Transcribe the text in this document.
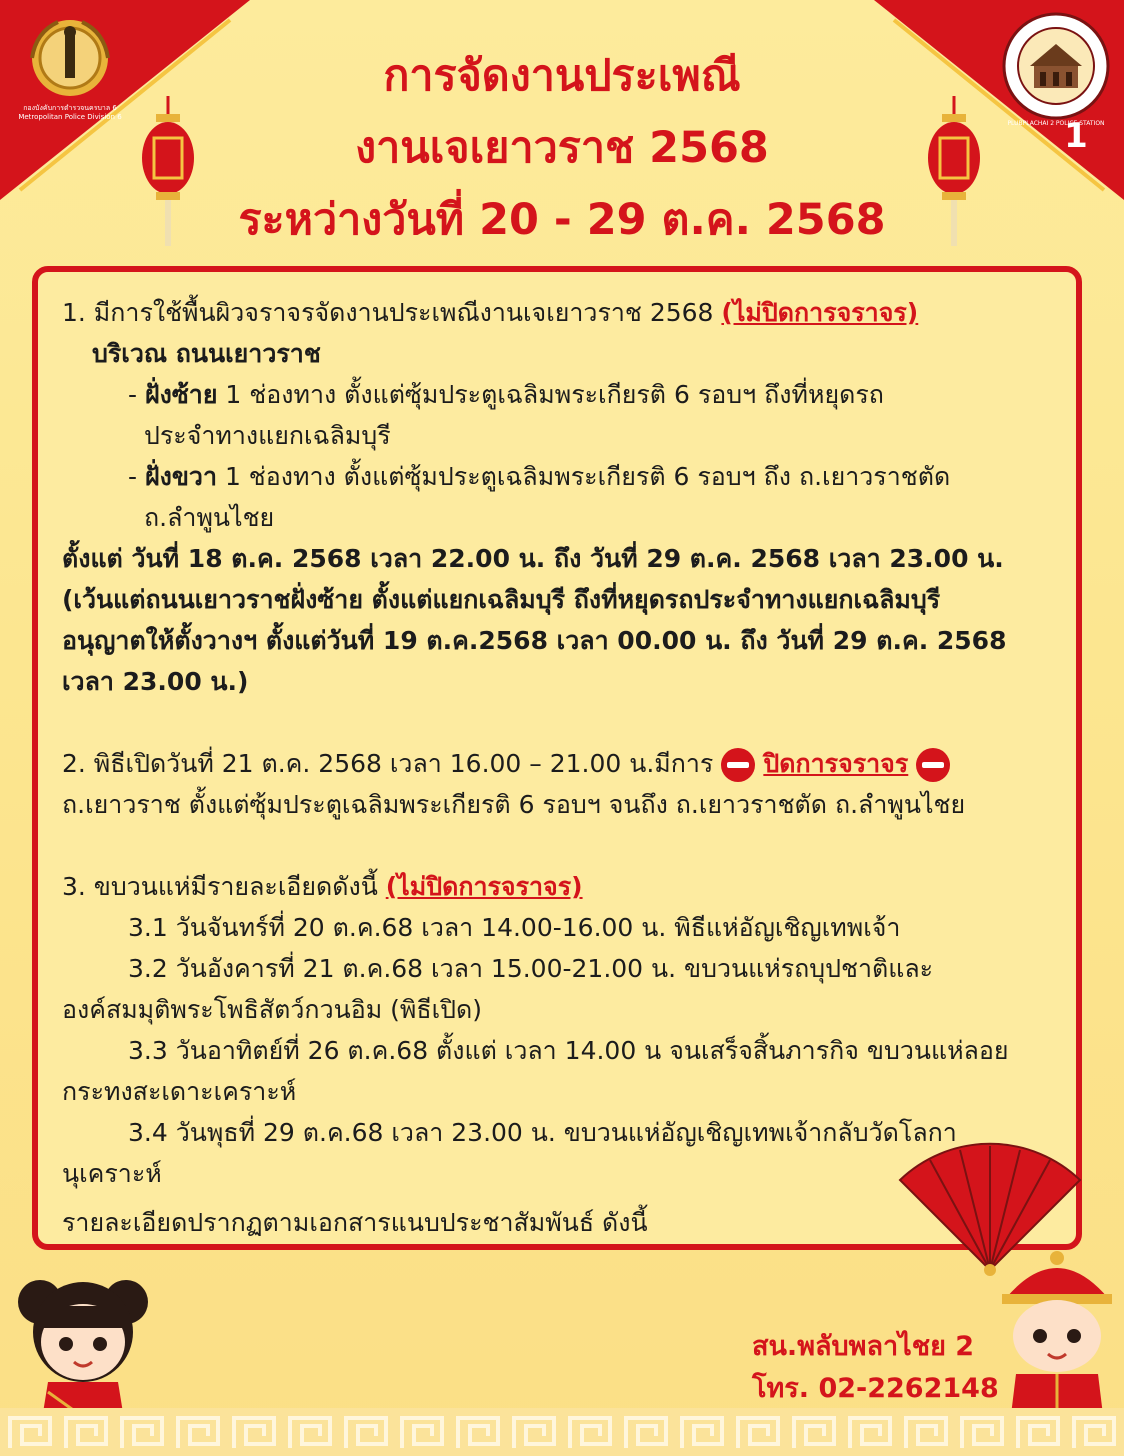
กองบังคับการตำรวจนครบาล 6 Metropolitan Police Division 6
PLUBPLACHAI 2 POLICE STATION
1
การจัดงานประเพณี
งานเจเยาวราช 2568
ระหว่างวันที่ 20 - 29 ต.ค. 2568

1. มีการใช้พื้นผิวจราจรจัดงานประเพณีงานเจเยาวราช 2568 (ไม่ปิดการจราจร)

บริเวณ ถนนเยาวราช

- ฝั่งซ้าย 1 ช่องทาง ตั้งแต่ซุ้มประตูเฉลิมพระเกียรติ 6 รอบฯ ถึงที่หยุดรถ

ประจำทางแยกเฉลิมบุรี

- ฝั่งขวา 1 ช่องทาง ตั้งแต่ซุ้มประตูเฉลิมพระเกียรติ 6 รอบฯ ถึง ถ.เยาวราชตัด

ถ.ลำพูนไชย

ตั้งแต่ วันที่ 18 ต.ค. 2568 เวลา 22.00 น. ถึง วันที่ 29 ต.ค. 2568 เวลา 23.00 น.

(เว้นแต่ถนนเยาวราชฝั่งซ้าย ตั้งแต่แยกเฉลิมบุรี ถึงที่หยุดรถประจำทางแยกเฉลิมบุรี

อนุญาตให้ตั้งวางฯ ตั้งแต่วันที่ 19 ต.ค.2568 เวลา 00.00 น. ถึง วันที่ 29 ต.ค. 2568

เวลา 23.00 น.)

2. พิธีเปิดวันที่ 21 ต.ค. 2568 เวลา 16.00 – 21.00 น.มีการ ปิดการจราจร

ถ.เยาวราช ตั้งแต่ซุ้มประตูเฉลิมพระเกียรติ 6 รอบฯ จนถึง ถ.เยาวราชตัด ถ.ลำพูนไชย

3. ขบวนแห่มีรายละเอียดดังนี้ (ไม่ปิดการจราจร)

3.1 วันจันทร์ที่ 20 ต.ค.68 เวลา 14.00-16.00 น. พิธีแห่อัญเชิญเทพเจ้า

3.2 วันอังคารที่ 21 ต.ค.68 เวลา 15.00-21.00 น. ขบวนแห่รถบุปชาติและ

องค์สมมุติพระโพธิสัตว์กวนอิม (พิธีเปิด)

3.3 วันอาทิตย์ที่ 26 ต.ค.68 ตั้งแต่ เวลา 14.00 น จนเสร็จสิ้นภารกิจ ขบวนแห่ลอย

กระทงสะเดาะเคราะห์

3.4 วันพุธที่ 29 ต.ค.68 เวลา 23.00 น. ขบวนแห่อัญเชิญเทพเจ้ากลับวัดโลกา

นุเคราะห์

รายละเอียดปรากฏตามเอกสารแนบประชาสัมพันธ์ ดังนี้

สน.พลับพลาไชย 2
โทร. 02-2262148
